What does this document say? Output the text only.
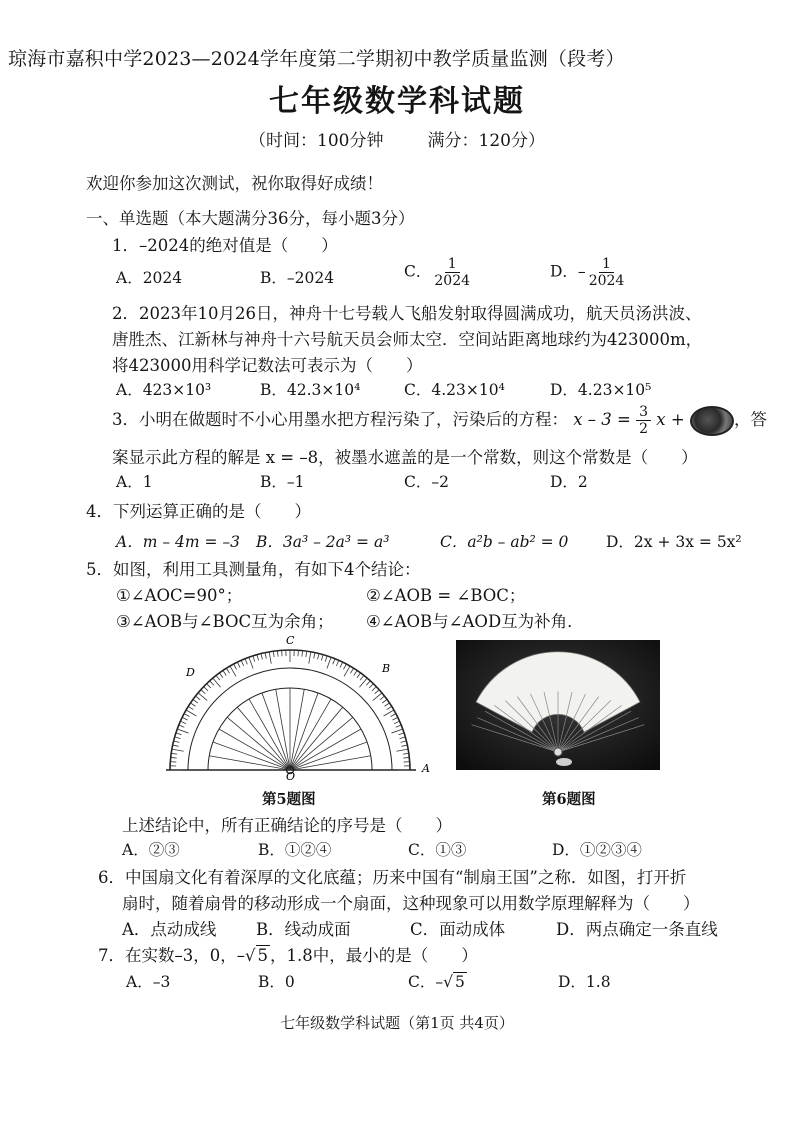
琼海市嘉积中学2023—2024学年度第二学期初中教学质量监测（段考）
七年级数学科试题
（时间：100分钟	满分：120分）
欢迎你参加这次测试，祝你取得好成绩！
一、单选题（本大题满分36分，每小题3分）
1．–2024的绝对值是（　　）
A．2024	B．–2024	C． $\frac{1}{2024}$	D．– $\frac{1}{2024}$
2．2023年10月26日，神舟十七号载人飞船发射取得圆满成功，航天员汤洪波、
唐胜杰、江新林与神舟十六号航天员会师太空．空间站距离地球约为423000m，
将423000用科学记数法可表示为（　　）
A．423×10³	B．42.3×10⁴	C．4.23×10⁴	D．4.23×10⁵
3．小明在做题时不小心用墨水把方程污染了，污染后的方程： $x - 3 = \frac{3}{2}$ x +	，答
案显示此方程的解是 x = –8，被墨水遮盖的是一个常数，则这个常数是（　　）
A．1	B．–1	C．–2	D．2
4．下列运算正确的是（　　）
A．m – 4m = –3 B．3a³ – 2a³ = a³	C．a²b – ab² = 0 D．2x + 3x = 5x²
5．如图，利用工具测量角，有如下4个结论：
①∠AOC=90°；	②∠AOB = ∠BOC；
③∠AOB与∠BOC互为余角； ④∠AOB与∠AOD互为补角．
C
D	B
A
O
第5题图	第6题图
上述结论中，所有正确结论的序号是（　　）
A．②③	B．①②④	C．①③	D．①②③④
6．中国扇文化有着深厚的文化底蕴；历来中国有“制扇王国”之称．如图，打开折
扇时，随着扇骨的移动形成一个扇面，这种现象可以用数学原理解释为（　　）
A．点动成线 B．线动成面	C．面动成体	D．两点确定一条直线
7．在实数–3，0，–√ 5 ，1.8中，最小的是（　　）
A．–3	B．0	C．–√ 5	D．1.8
七年级数学科试题（第1页 共4页）
